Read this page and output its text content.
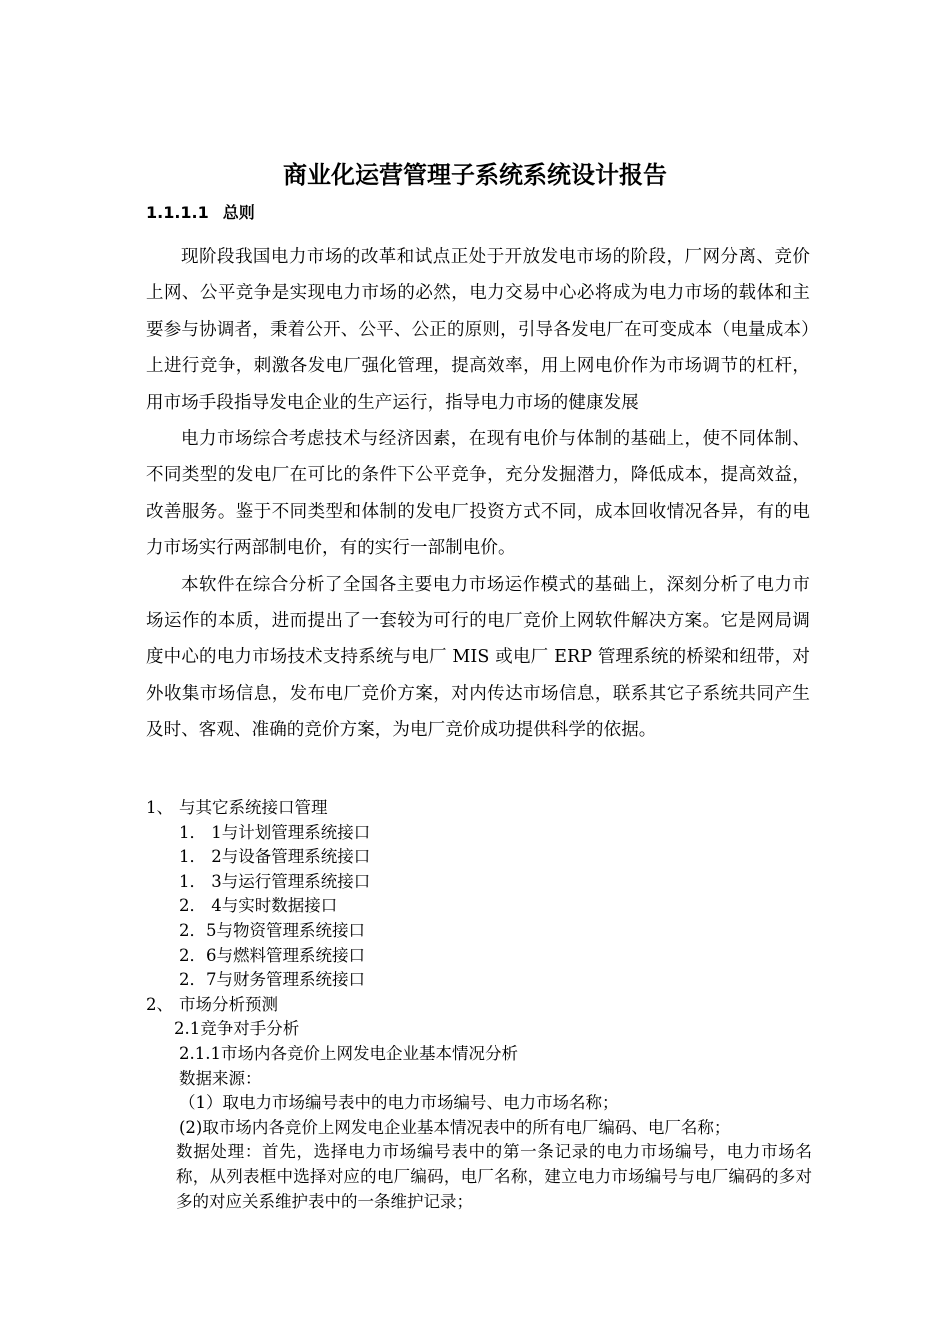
商业化运营管理子系统系统设计报告
1.1.1.1 总则

现阶段我国电力市场的改革和试点正处于开放发电市场的阶段，厂网分离、竞价上网、公平竞争是实现电力市场的必然，电力交易中心必将成为电力市场的载体和主要参与协调者，秉着公开、公平、公正的原则，引导各发电厂在可变成本（电量成本）上进行竞争，刺激各发电厂强化管理，提高效率，用上网电价作为市场调节的杠杆，用市场手段指导发电企业的生产运行，指导电力市场的健康发展

电力市场综合考虑技术与经济因素，在现有电价与体制的基础上，使不同体制、不同类型的发电厂在可比的条件下公平竞争，充分发掘潜力，降低成本，提高效益，改善服务。鉴于不同类型和体制的发电厂投资方式不同，成本回收情况各异，有的电力市场实行两部制电价，有的实行一部制电价。

本软件在综合分析了全国各主要电力市场运作模式的基础上，深刻分析了电力市场运作的本质，进而提出了一套较为可行的电厂竞价上网软件解决方案。它是网局调度中心的电力市场技术支持系统与电厂 MIS 或电厂 ERP 管理系统的桥梁和纽带，对外收集市场信息，发布电厂竞价方案，对内传达市场信息，联系其它子系统共同产生及时、客观、准确的竞价方案，为电厂竞价成功提供科学的依据。

1、 与其它系统接口管理
1． 1与计划管理系统接口
1． 2与设备管理系统接口
1． 3与运行管理系统接口
2． 4与实时数据接口
2．5与物资管理系统接口
2．6与燃料管理系统接口
2．7与财务管理系统接口
2、 市场分析预测
2.1竞争对手分析
2.1.1市场内各竞价上网发电企业基本情况分析
数据来源：
（1）取电力市场编号表中的电力市场编号、电力市场名称；
(2)取市场内各竞价上网发电企业基本情况表中的所有电厂编码、电厂名称；
数据处理：首先，选择电力市场编号表中的第一条记录的电力市场编号，电力市场名称，从列表框中选择对应的电厂编码，电厂名称，建立电力市场编号与电厂编码的多对多的对应关系维护表中的一条维护记录；
